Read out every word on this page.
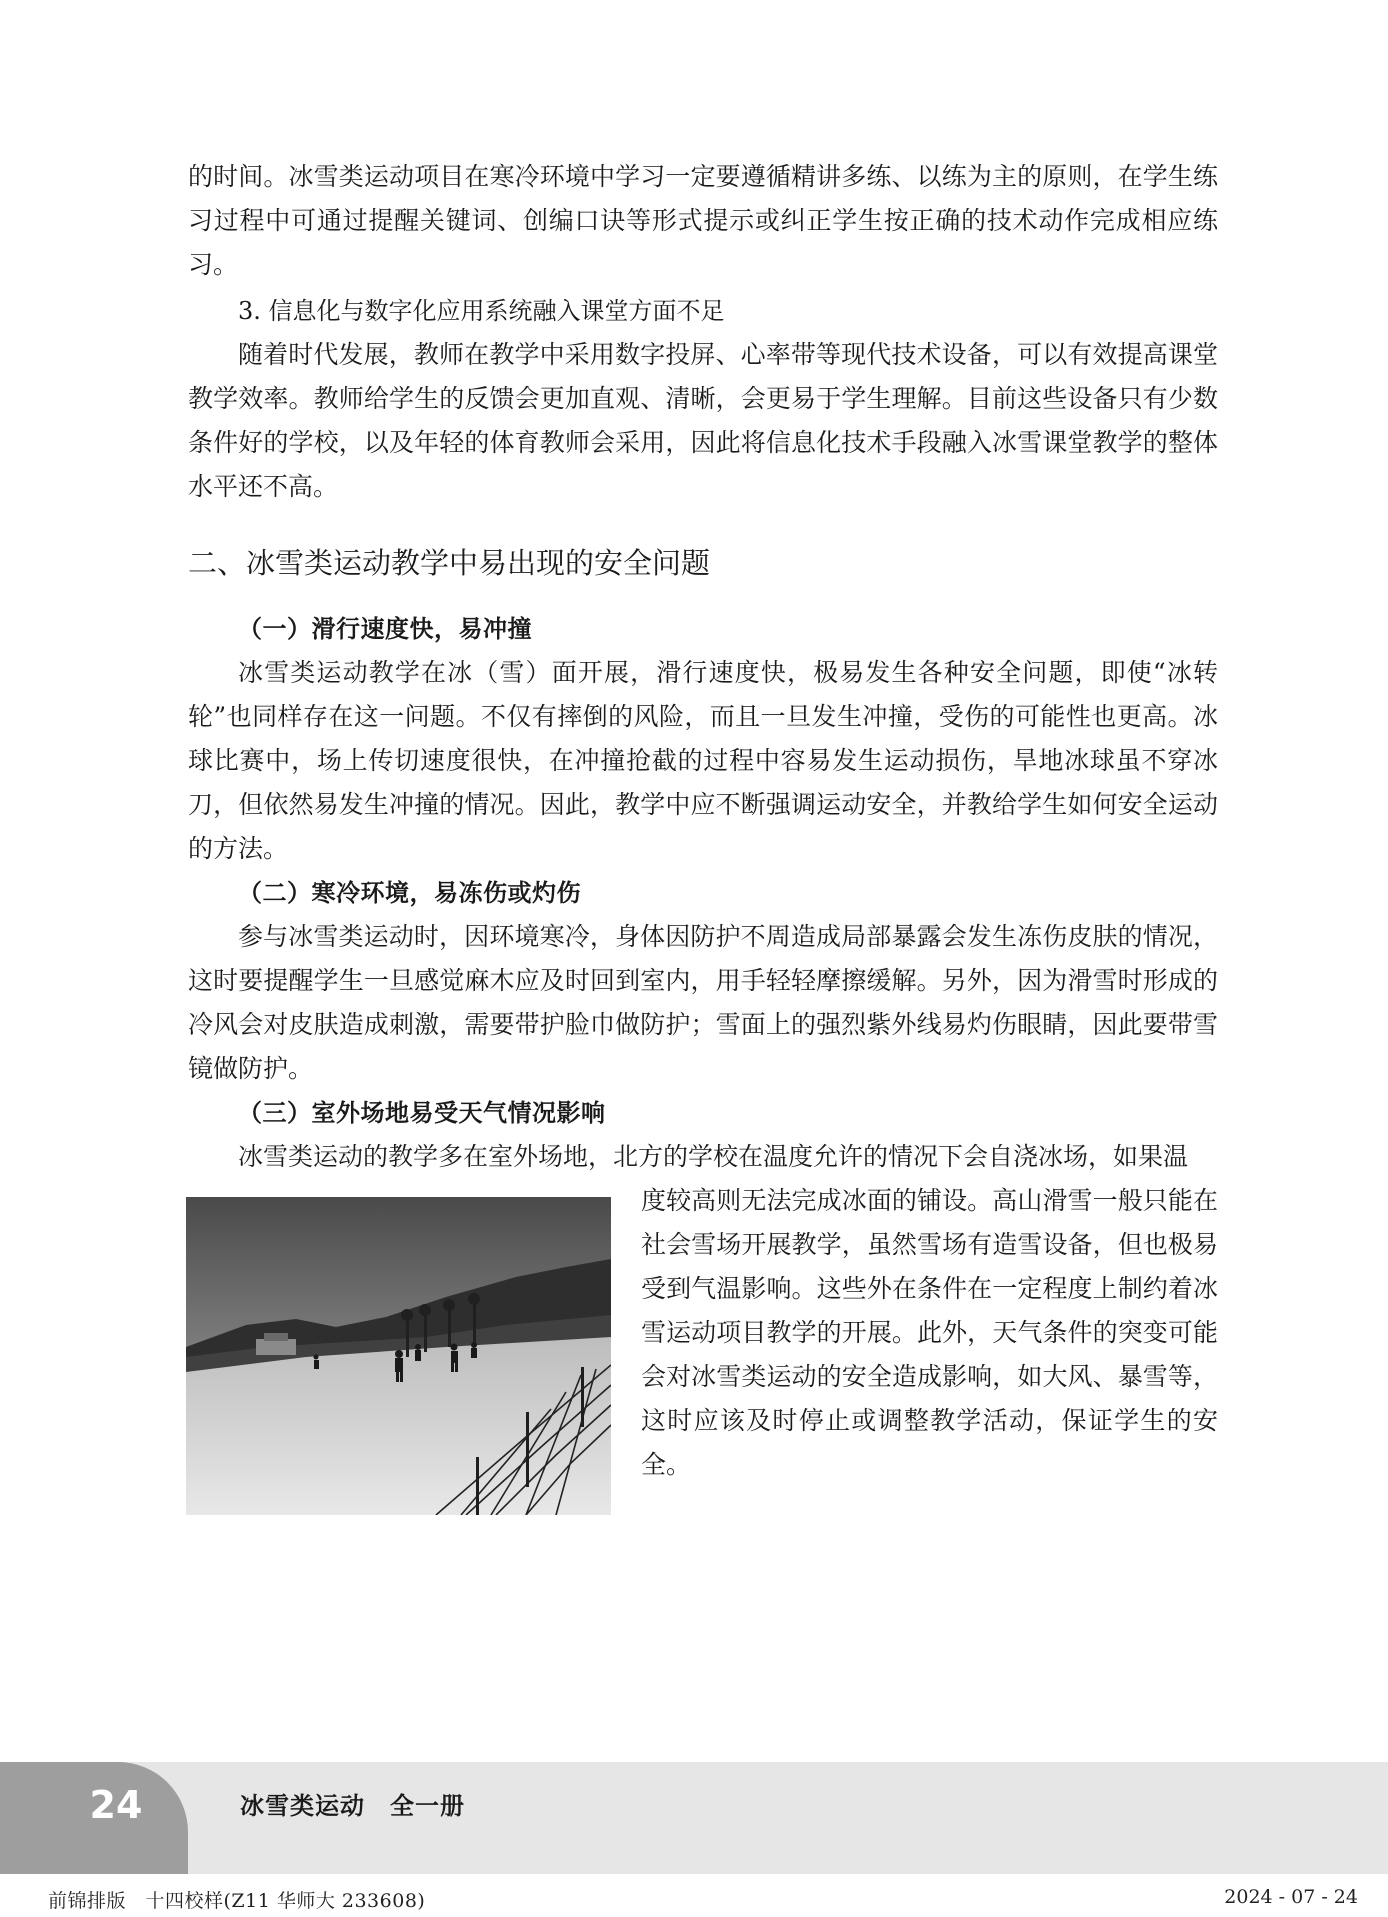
的时间。冰雪类运动项目在寒冷环境中学习一定要遵循精讲多练、以练为主的原则，在学生练习过程中可通过提醒关键词、创编口诀等形式提示或纠正学生按正确的技术动作完成相应练习。

3. 信息化与数字化应用系统融入课堂方面不足

随着时代发展，教师在教学中采用数字投屏、心率带等现代技术设备，可以有效提高课堂教学效率。教师给学生的反馈会更加直观、清晰，会更易于学生理解。目前这些设备只有少数条件好的学校，以及年轻的体育教师会采用，因此将信息化技术手段融入冰雪课堂教学的整体水平还不高。

二、冰雪类运动教学中易出现的安全问题

（一）滑行速度快，易冲撞

冰雪类运动教学在冰（雪）面开展，滑行速度快，极易发生各种安全问题，即使“冰转轮”也同样存在这一问题。不仅有摔倒的风险，而且一旦发生冲撞，受伤的可能性也更高。冰球比赛中，场上传切速度很快，在冲撞抢截的过程中容易发生运动损伤，旱地冰球虽不穿冰刀，但依然易发生冲撞的情况。因此，教学中应不断强调运动安全，并教给学生如何安全运动的方法。

（二）寒冷环境，易冻伤或灼伤

参与冰雪类运动时，因环境寒冷，身体因防护不周造成局部暴露会发生冻伤皮肤的情况，这时要提醒学生一旦感觉麻木应及时回到室内，用手轻轻摩擦缓解。另外，因为滑雪时形成的冷风会对皮肤造成刺激，需要带护脸巾做防护；雪面上的强烈紫外线易灼伤眼睛，因此要带雪镜做防护。

（三）室外场地易受天气情况影响

冰雪类运动的教学多在室外场地，北方的学校在温度允许的情况下会自浇冰场，如果温

度较高则无法完成冰面的铺设。高山滑雪一般只能在社会雪场开展教学，虽然雪场有造雪设备，但也极易受到气温影响。这些外在条件在一定程度上制约着冰雪运动项目教学的开展。此外，天气条件的突变可能会对冰雪类运动的安全造成影响，如大风、暴雪等，这时应该及时停止或调整教学活动，保证学生的安全。

24	冰雪类运动　全一册
前锦排版　十四校样(Z11 华师大 233608)	2024 - 07 - 24
